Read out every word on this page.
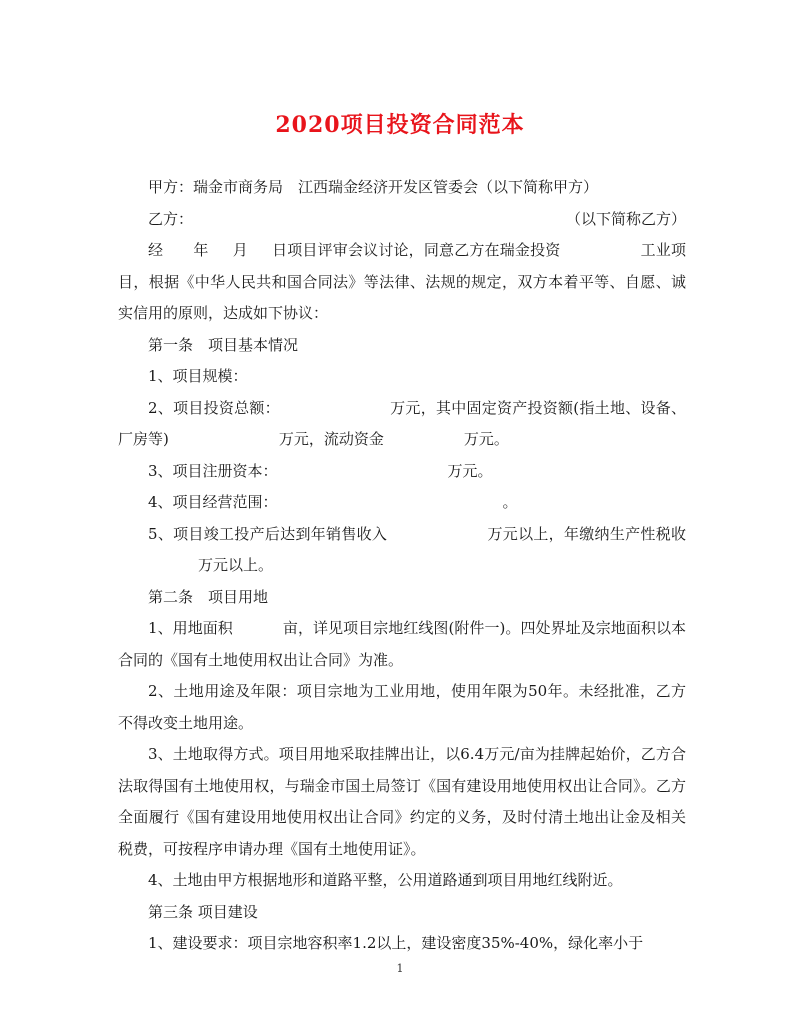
2020项目投资合同范本

甲方：瑞金市商务局　江西瑞金经济开发区管委会（以下简称甲方）

乙方：	（以下简称乙方）

经 年 月 日项目评审会议讨论，同意乙方在瑞金投资	工业项目，根据《中华人民共和国合同法》等法律、法规的规定，双方本着平等、自愿、诚实信用的原则，达成如下协议：

第一条　项目基本情况

1、项目规模：

2、项目投资总额：	万元，其中固定资产投资额(指土地、设备、厂房等)	万元，流动资金	万元。

3、项目注册资本：	万元。

4、项目经营范围：	。

5、项目竣工投产后达到年销售收入	万元以上，年缴纳生产性税收万元以上。

第二条　项目用地

1、用地面积	亩，详见项目宗地红线图(附件一)。四处界址及宗地面积以本合同的《国有土地使用权出让合同》为准。

2、土地用途及年限：项目宗地为工业用地，使用年限为50年。未经批准，乙方不得改变土地用途。

3、土地取得方式。项目用地采取挂牌出让，以6.4万元/亩为挂牌起始价，乙方合法取得国有土地使用权，与瑞金市国土局签订《国有建设用地使用权出让合同》。乙方全面履行《国有建设用地使用权出让合同》约定的义务，及时付清土地出让金及相关税费，可按程序申请办理《国有土地使用证》。

4、土地由甲方根据地形和道路平整，公用道路通到项目用地红线附近。

第三条 项目建设

1、建设要求：项目宗地容积率1.2以上，建设密度35%-40%，绿化率小于

1
